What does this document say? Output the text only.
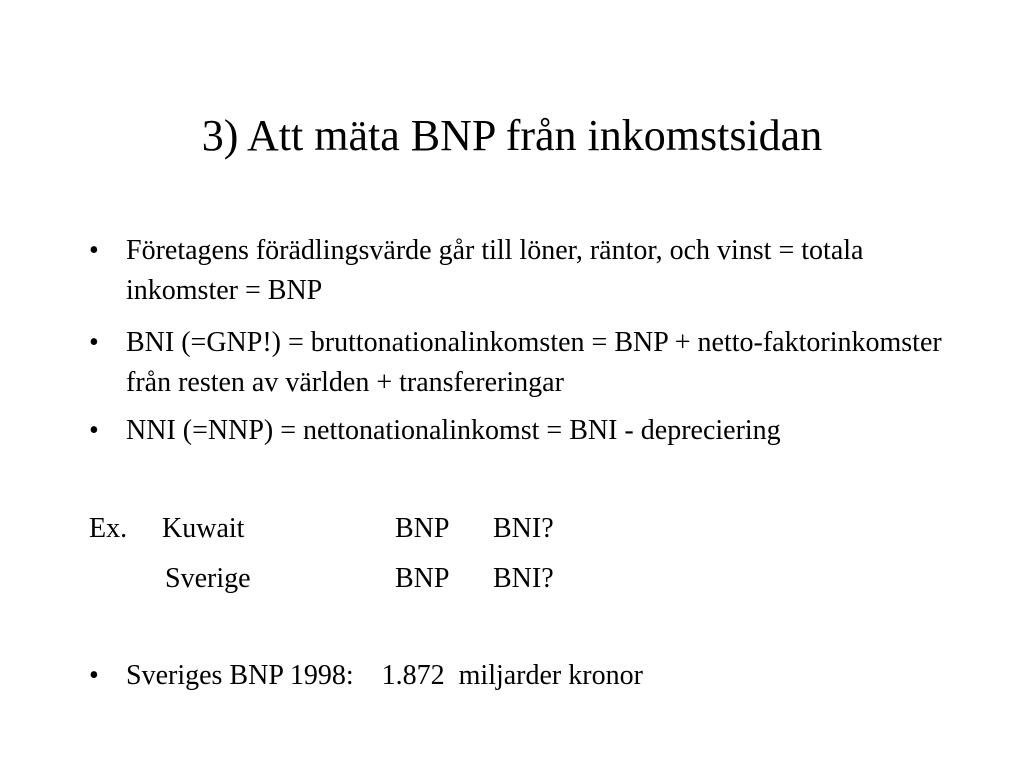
3) Att mäta BNP från inkomstsidan
• Företagens förädlingsvärde går till löner, räntor, och vinst = totala inkomster = BNP
• BNI (=GNP!) = bruttonationalinkomsten = BNP + netto-faktorinkomster från resten av världen + transfereringar
• NNI (=NNP) = nettonationalinkomst = BNI - depreciering
Ex. Kuwait	BNP BNI?
Sverige	BNP BNI?
• Sveriges BNP 1998:    1.872  miljarder kronor
